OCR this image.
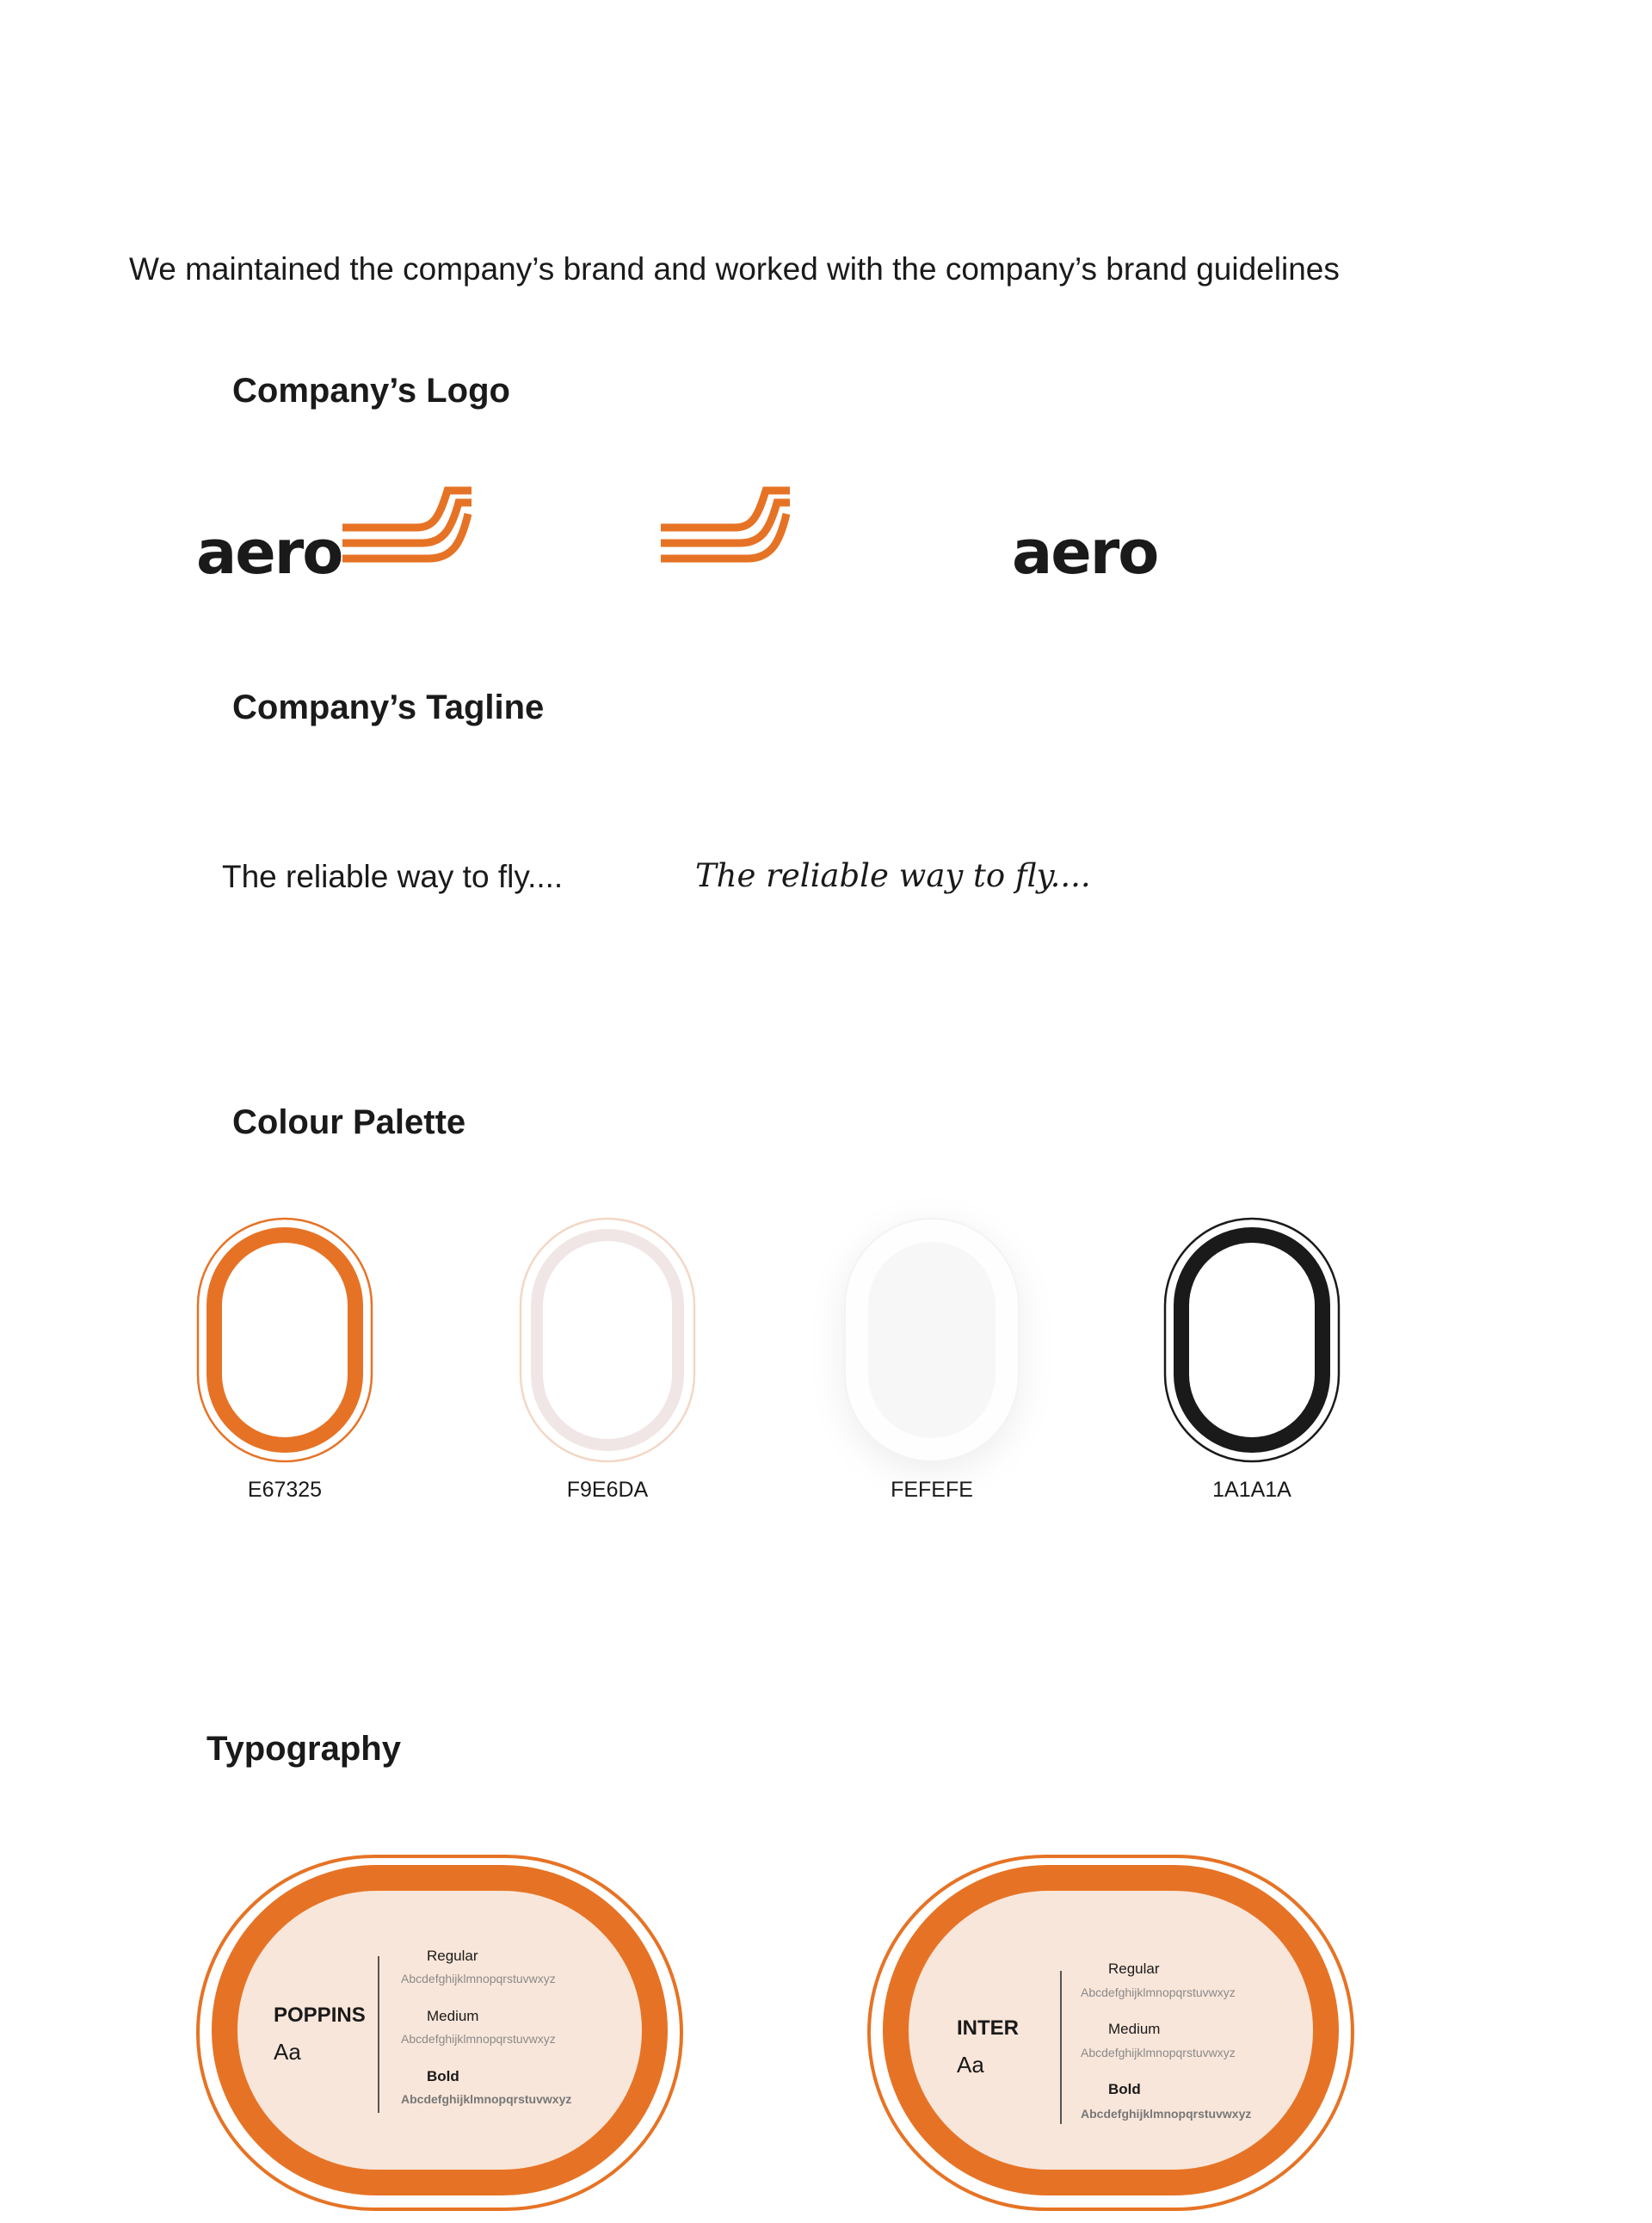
We maintained the company’s brand and worked with the company’s brand guidelines
Company’s Logo
aero	aero
Company’s Tagline
The reliable way to fly....	The reliable way to fly....
Colour Palette
E67325	F9E6DA	FEFEFE	1A1A1A
Typography
POPPINS
Aa
Regular
Abcdefghijklmnopqrstuvwxyz
Medium
Abcdefghijklmnopqrstuvwxyz
Bold
Abcdefghijklmnopqrstuvwxyz
INTER
Aa
Regular
Abcdefghijklmnopqrstuvwxyz
Medium
Abcdefghijklmnopqrstuvwxyz
Bold
Abcdefghijklmnopqrstuvwxyz
